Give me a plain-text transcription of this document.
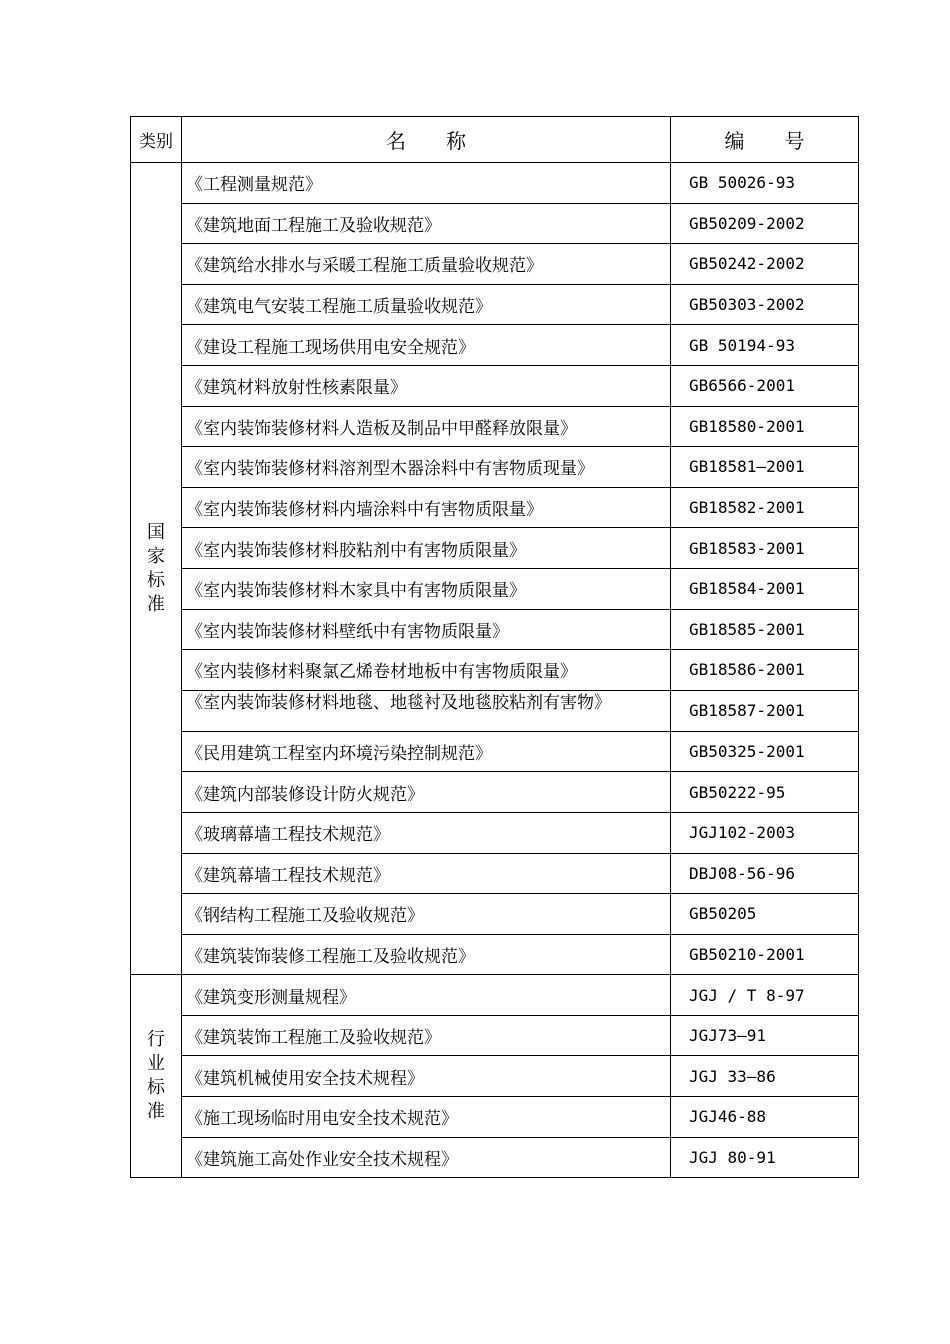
类别	名　　称	编　　号

国
家
标
准	《工程测量规范》	GB 50026-93
	《建筑地面工程施工及验收规范》	GB50209-2002
	《建筑给水排水与采暖工程施工质量验收规范》	GB50242-2002
	《建筑电气安装工程施工质量验收规范》	GB50303-2002
	《建设工程施工现场供用电安全规范》	GB 50194-93
	《建筑材料放射性核素限量》	GB6566-2001
	《室内装饰装修材料人造板及制品中甲醛释放限量》	GB18580-2001
	《室内装饰装修材料溶剂型木器涂料中有害物质现量》	GB18581—2001
	《室内装饰装修材料内墙涂料中有害物质限量》	GB18582-2001
	《室内装饰装修材料胶粘剂中有害物质限量》	GB18583-2001
	《室内装饰装修材料木家具中有害物质限量》	GB18584-2001
	《室内装饰装修材料壁纸中有害物质限量》	GB18585-2001
	《室内装修材料聚氯乙烯卷材地板中有害物质限量》	GB18586-2001
	《室内装饰装修材料地毯、地毯衬及地毯胶粘剂有害物》	GB18587-2001
	《民用建筑工程室内环境污染控制规范》	GB50325-2001
	《建筑内部装修设计防火规范》	GB50222-95
	《玻璃幕墙工程技术规范》	JGJ102-2003
	《建筑幕墙工程技术规范》	DBJ08-56-96
	《钢结构工程施工及验收规范》	GB50205
	《建筑装饰装修工程施工及验收规范》	GB50210-2001

行
业
标
准	《建筑变形测量规程》	JGJ / T 8-97
	《建筑装饰工程施工及验收规范》	JGJ73—91
	《建筑机械使用安全技术规程》	JGJ 33—86
	《施工现场临时用电安全技术规范》	JGJ46-88
	《建筑施工高处作业安全技术规程》	JGJ 80-91
